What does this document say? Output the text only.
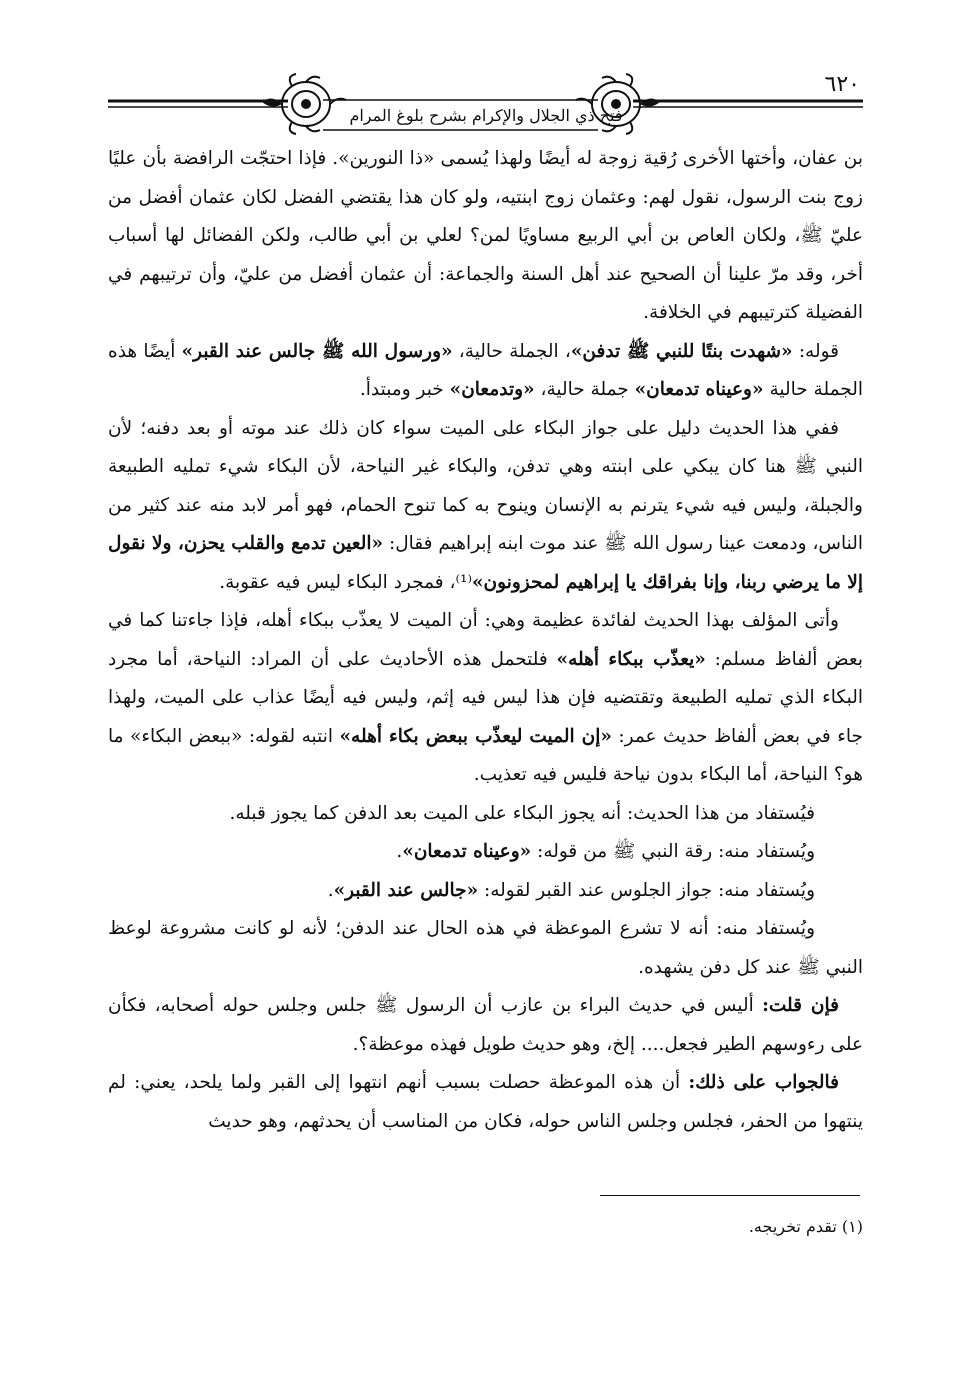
فتح ذي الجلال والإكرام بشرح بلوغ المرام
٦٢٠

بن عفان، وأختها الأخرى رُقية زوجة له أيضًا ولهذا يُسمى «ذا النورين». فإذا احتجّت الرافضة بأن عليًا زوج بنت الرسول، نقول لهم: وعثمان زوج ابنتيه، ولو كان هذا يقتضي الفضل لكان عثمان أفضل من عليّ ﷺ، ولكان العاص بن أبي الربيع مساويًا لمن؟ لعلي بن أبي طالب، ولكن الفضائل لها أسباب أخر، وقد مرّ علينا أن الصحيح عند أهل السنة والجماعة: أن عثمان أفضل من عليّ، وأن ترتيبهم في الفضيلة كترتيبهم في الخلافة.

قوله: «شهدت بنتًا للنبي ﷺ تدفن»، الجملة حالية، «ورسول الله ﷺ جالس عند القبر» أيضًا هذه الجملة حالية «وعيناه تدمعان» جملة حالية، «وتدمعان» خبر ومبتدأ.

ففي هذا الحديث دليل على جواز البكاء على الميت سواء كان ذلك عند موته أو بعد دفنه؛ لأن النبي ﷺ هنا كان يبكي على ابنته وهي تدفن، والبكاء غير النياحة، لأن البكاء شيء تمليه الطبيعة والجبلة، وليس فيه شيء يترنم به الإنسان وينوح به كما تنوح الحمام، فهو أمر لابد منه عند كثير من الناس، ودمعت عينا رسول الله ﷺ عند موت ابنه إبراهيم فقال: «العين تدمع والقلب يحزن، ولا نقول إلا ما يرضي ربنا، وإنا بفراقك يا إبراهيم لمحزونون»⁽¹⁾، فمجرد البكاء ليس فيه عقوبة.

وأتى المؤلف بهذا الحديث لفائدة عظيمة وهي: أن الميت لا يعذّب ببكاء أهله، فإذا جاءتنا كما في بعض ألفاظ مسلم: «يعذّب ببكاء أهله» فلتحمل هذه الأحاديث على أن المراد: النياحة، أما مجرد البكاء الذي تمليه الطبيعة وتقتضيه فإن هذا ليس فيه إثم، وليس فيه أيضًا عذاب على الميت، ولهذا جاء في بعض ألفاظ حديث عمر: «إن الميت ليعذّب ببعض بكاء أهله» انتبه لقوله: «ببعض البكاء» ما هو؟ النياحة، أما البكاء بدون نياحة فليس فيه تعذيب.

فيُستفاد من هذا الحديث: أنه يجوز البكاء على الميت بعد الدفن كما يجوز قبله.

ويُستفاد منه: رقة النبي ﷺ من قوله: «وعيناه تدمعان».

ويُستفاد منه: جواز الجلوس عند القبر لقوله: «جالس عند القبر».

ويُستفاد منه: أنه لا تشرع الموعظة في هذه الحال عند الدفن؛ لأنه لو كانت مشروعة لوعظ النبي ﷺ عند كل دفن يشهده.

فإن قلت: أليس في حديث البراء بن عازب أن الرسول ﷺ جلس وجلس حوله أصحابه، فكأن على رءوسهم الطير فجعل.... إلخ، وهو حديث طويل فهذه موعظة؟.

فالجواب على ذلك: أن هذه الموعظة حصلت بسبب أنهم انتهوا إلى القبر ولما يلحد، يعني: لم ينتهوا من الحفر، فجلس وجلس الناس حوله، فكان من المناسب أن يحدثهم، وهو حديث

(١) تقدم تخريجه.
